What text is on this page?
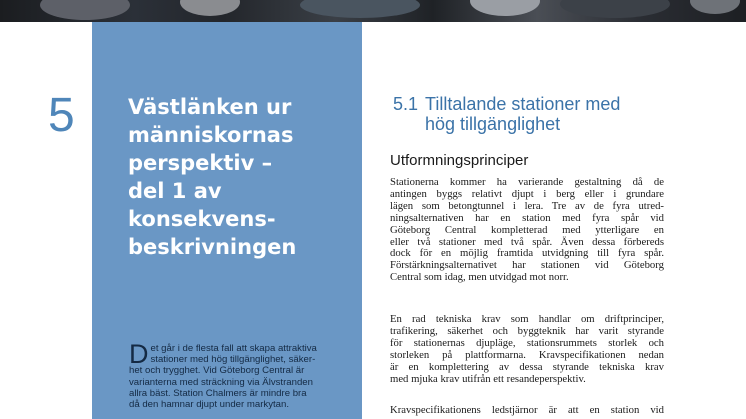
5	Västlänken ur
människornas
perspektiv –
del 1 av
konsekvens-
beskrivningen
D et går i de flesta fall att skapa attraktiva
stationer med hög tillgänglighet, säker-
het och trygghet. Vid Göteborg Central är
varianterna med sträckning via Älvstranden
allra bäst. Station Chalmers är mindre bra
då den hamnar djupt under markytan.
5.1 Tilltalande stationer med
hög tillgänglighet
Utformningsprinciper
Stationerna kommer ha varierande gestaltning då de
antingen byggs relativt djupt i berg eller i grundare
lägen som betongtunnel i lera. Tre av de fyra utred-
ningsalternativen har en station med fyra spår vid
Göteborg Central kompletterad med ytterligare en
eller två stationer med två spår. Även dessa förbereds
dock för en möjlig framtida utvidgning till fyra spår.
Förstärkningsalternativet har stationen vid Göteborg
Central som idag, men utvidgad mot norr.
En rad tekniska krav som handlar om driftprinciper,
trafikering, säkerhet och byggteknik har varit styrande
för stationernas djupläge, stationsrummets storlek och
storleken på plattformarna. Kravspecifikationen nedan
är en komplettering av dessa styrande tekniska krav
med mjuka krav utifrån ett resandeperspektiv.
Kravspecifikationens ledstjärnor är att en station vid
